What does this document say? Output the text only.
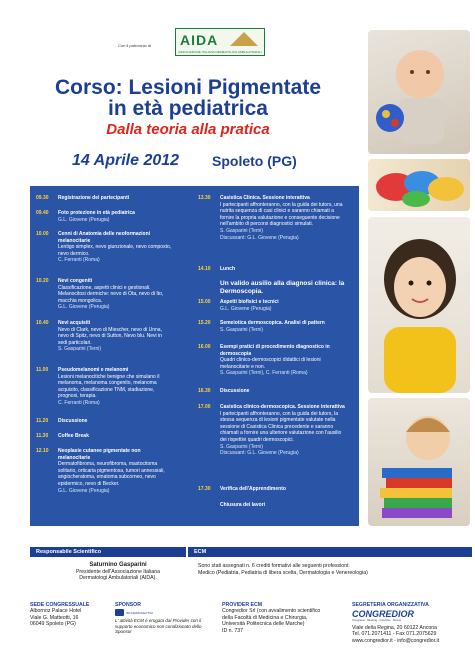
Con il patrocinio di AIDA
ASSOCIAZIONE ITALIANA DERMATOLOGI AMBULATORIALI
Corso: Lesioni Pigmentate
in età pediatrica
Dalla teoria alla pratica
14 Aprile 2012 Spoleto (PG)
09.30	Registrazione dei partecipanti
09.40	Foto protezione in età pediatrica
G.L. Giovene (Perugia)
10.00	Cenni di Anatomia delle neoformazioni melanocitarie
Lentigo simplex, nevo giunzionale, nevo composto, nevo dermico.
C. Ferranti (Roma)
10.20	Nevi congeniti
Classificazione, aspetti clinici e gestionali. Melanocitosi dermiche: nevo di Ota, nevo di Ito, macchia mongolica.
G.L. Giovene (Perugia)
10.40	Nevi acquisiti
Nevo di Clark, nevo di Miescher, nevo di Unna, nevo di Spitz, nevo di Sutton, Nevo blu. Nevi in sedi particolari.
S. Gasparini (Terni)
11.00	Pseudomelanomi e melanomi
Lesioni melanocitiche benigne che simulano il melanoma, melanoma congenito, melanoma acquisito, classificazione TNM, stadiazione, prognosi, terapia.
C. Ferranti (Roma)
11.20	Discussione
11.30	Coffee Break
12.10	Neoplasie cutanee pigmentate non melanocitarie
Dermatofibroma, neurofibroma, mastocitoma solitario, orticaria pigmentosa, tumori annessiali, angiocheratoma, ematoma subcorneo, nevo epidermico, nevo di Becker.
G.L. Giovene (Perugia)
13.30	Casistica Clinica. Sessione interattiva
I partecipanti affronteranno, con la guida dei tutors, una nutrita sequenza di casi clinici e saranno chiamati a fornire la propria valutazione e conseguente decisione nell'ambito di percorsi diagnostici simulati.
S. Gasparini (Terni)
Discussant: G.L. Giovene (Perugia)
14.10	Lunch
Un valido ausilio alla diagnosi clinica: la Dermoscopia.
15.00	Aspetti biofisici e tecnici
G.L. Giovene (Perugia)
15.20	Semeiotica dermoscopica. Analisi di pattern
S. Gasparini (Terni)
16.00	Esempi pratici di procedimento diagnostico in dermoscopia
Quadri clinico-dermoscopici didattici di lesioni melanocitarie e non.
S. Gasparini (Terni), C. Ferranti (Roma)
16.30	Discussione
17.00	Casistica clinico-dermoscopica. Sessione interattiva
I partecipanti affronteranno, con la guida dei tutors, la stessa sequenza di lesioni pigmentate valutate nella sessione di Casistica Clinica precedente e saranno chiamati a fornire una ulteriore valutazione con l'ausilio dei rispettivi quadri dermoscopici.
S. Gasparini (Terni)
Discussant: G.L. Giovene (Perugia)
17.30	Verifica dell'Apprendimento
Chiusura dei lavori
Responsabile Scientifico	ECM
Saturnino Gasparini
Presidente dell'Associazione Italiana
Dermatologi Ambulatoriali (AIDA).
Sono stati assegnati n. 6 crediti formativi alle seguenti professioni:
Medico (Pediatria, Pediatria di libera scelta, Dermatologia e Venereologia)
SEDE CONGRESSUALE
Albornoz Palace Hotel
Viale G. Matteotti, 16
06049 Spoleto (PG)
SPONSOR
IDI FARMACEUTICI
L' attività ECM è erogata dal Provider con il supporto economico non condizionato dello Sponsor
PROVIDER ECM
Congredior Srl (con avvalimento scientifico
della Facoltà di Medicina e Chirurgia,
Università Politecnica delle Marche)
ID n. 737
SEGRETERIA ORGANIZZATIVA
CONGREDIOR
Congressi · Meeting · Incentive · Eventi
Viale della Regina, 20 60122 Ancona
Tel. 071.2071411 - Fax 071.2075629
www.congredior.it - info@congredior.it
